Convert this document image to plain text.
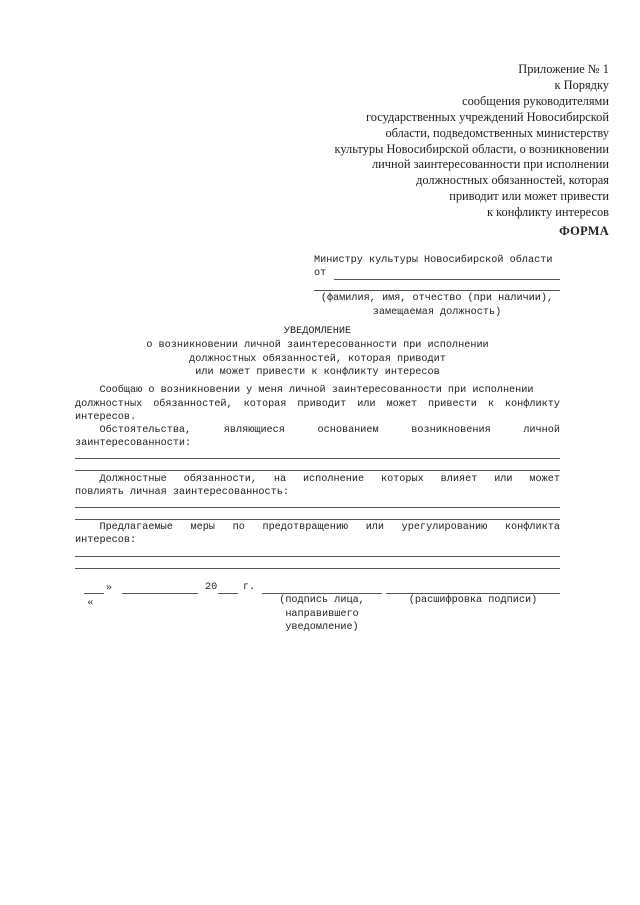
Приложение № 1
к Порядку
сообщения руководителями
государственных учреждений Новосибирской
области, подведомственных министерству
культуры Новосибирской области, о возникновении
личной заинтересованности при исполнении
должностных обязанностей, которая
приводит или может привести
к конфликту интересов
ФОРМА
Министру культуры Новосибирской области
от
(фамилия, имя, отчество (при наличии),
замещаемая должность)
УВЕДОМЛЕНИЕ
о возникновении личной заинтересованности при исполнении
должностных обязанностей, которая приводит
или может привести к конфликту интересов
Сообщаю о возникновении у меня личной заинтересованности при исполнении
должностных обязанностей, которая приводит или может привести к конфликту
интересов.
Обстоятельства,	являющиеся	основанием	возникновения	личной
заинтересованности:
Должностные обязанности, на исполнение которых влияет или может
повлиять личная заинтересованность:
Предлагаемые меры по предотвращению или урегулированию конфликта
интересов:

«

»	20	г.
(подпись лица,
направившего
уведомление)
(расшифровка подписи)
